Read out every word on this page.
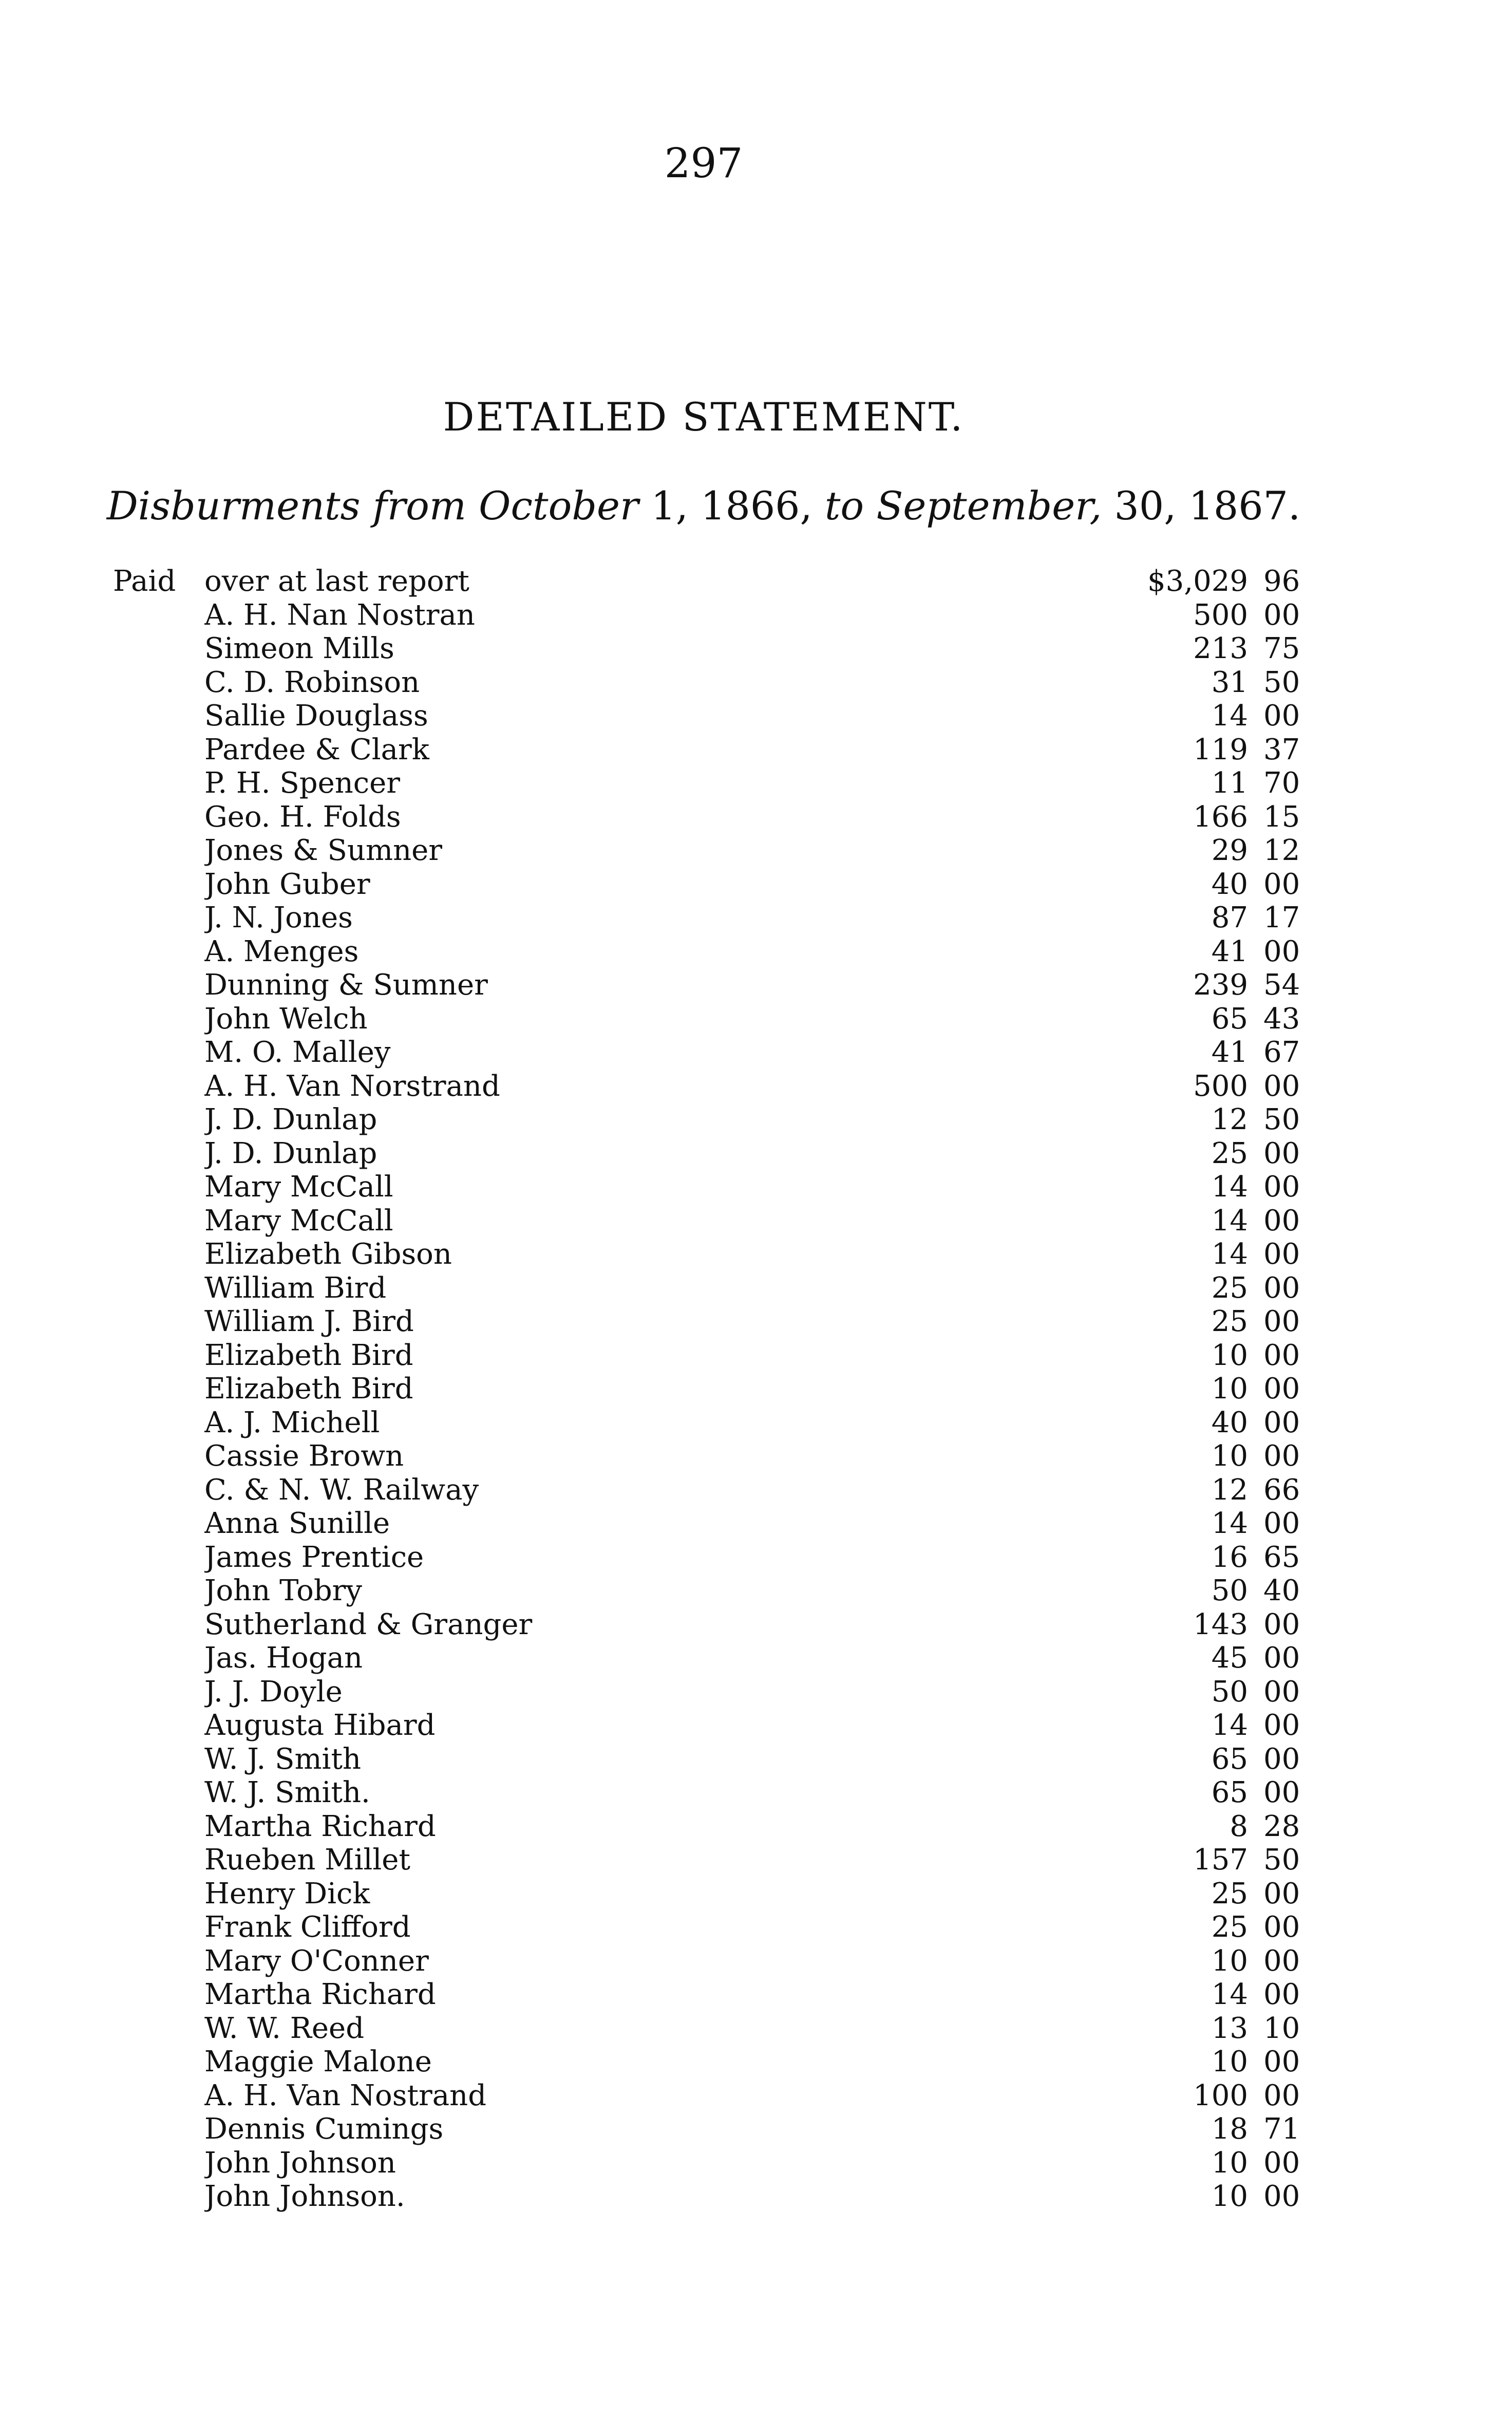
297
DETAILED STATEMENT.
Disburments from October 1, 1866, to September, 30, 1867.
Paid over at last report .....	$3,029 96
A. H. Nan Nostran .....	500 00
Simeon Mills .....	213 75
C. D. Robinson .....	31 50
Sallie Douglass .....	14 00
Pardee & Clark .....	119 37
P. H. Spencer .....	11 70
Geo. H. Folds .....	166 15
Jones & Sumner .....	29 12
John Guber .....	40 00
J. N. Jones .....	87 17
A. Menges .....	41 00
Dunning & Sumner .....	239 54
John Welch .....	65 43
M. O. Malley .....	41 67
A. H. Van Norstrand .....	500 00
J. D. Dunlap .....	12 50
J. D. Dunlap .....	25 00
Mary McCall .....	14 00
Mary McCall .....	14 00
Elizabeth Gibson .....	14 00
William Bird .....	25 00
William J. Bird .....	25 00
Elizabeth Bird .....	10 00
Elizabeth Bird .....	10 00
A. J. Michell .....	40 00
Cassie Brown .....	10 00
C. & N. W. Railway .....	12 66
Anna Sunille .....	14 00
James Prentice .....	16 65
John Tobry .....	50 40
Sutherland & Granger .....	143 00
Jas. Hogan .....	45 00
J. J. Doyle .....	50 00
Augusta Hibard .....	14 00
W. J. Smith .....	65 00
W. J. Smith. .....	65 00
Martha Richard .....	8 28
Rueben Millet .....	157 50
Henry Dick .....	25 00
Frank Clifford .....	25 00
Mary O'Conner .....	10 00
Martha Richard .....	14 00
W. W. Reed .....	13 10
Maggie Malone .....	10 00
A. H. Van Nostrand .....	100 00
Dennis Cumings .....	18 71
John Johnson .....	10 00
John Johnson. .....	10 00
